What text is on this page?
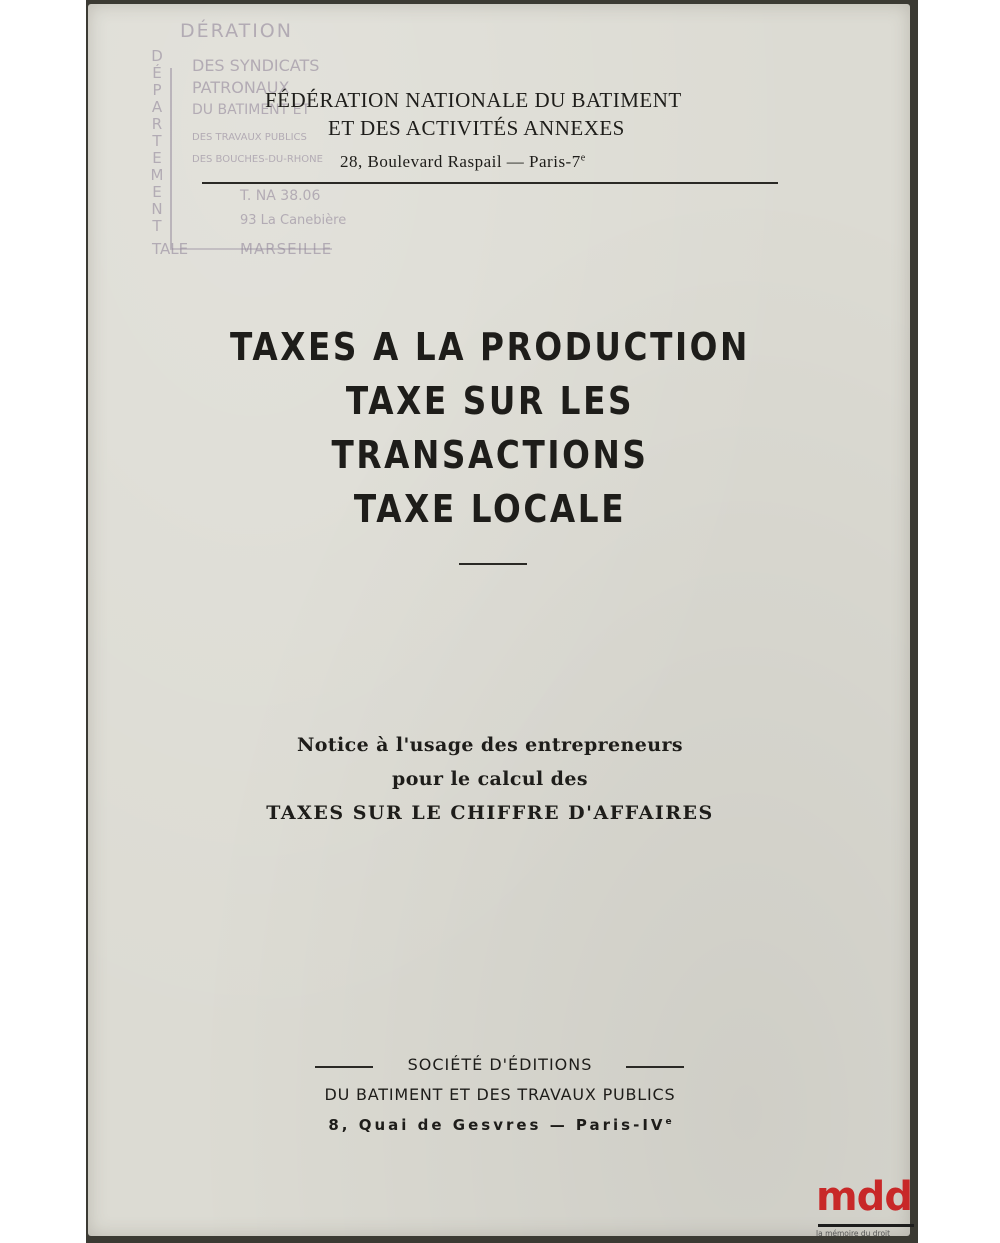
D
É
P
A
R
T
E
M
E
N
T
DÉRATION
DES SYNDICATS
PATRONAUX
DU BATIMENT ET
DES TRAVAUX PUBLICS
DES BOUCHES-DU-RHONE
T. NA 38.06
93 La Canebière
TALE	MARSEILLE
FÉDÉRATION NATIONALE DU BATIMENT
ET DES ACTIVITÉS ANNEXES
28, Boulevard Raspail — Paris-7e
TAXES A LA PRODUCTION
TAXE SUR LES TRANSACTIONS
TAXE LOCALE
Notice à l'usage des entrepreneurs
pour le calcul des
TAXES SUR LE CHIFFRE D'AFFAIRES
SOCIÉTÉ D'ÉDITIONS
DU BATIMENT ET DES TRAVAUX PUBLICS
8, Quai de Gesvres — Paris-IVe
mdd
la mémoire du droit
